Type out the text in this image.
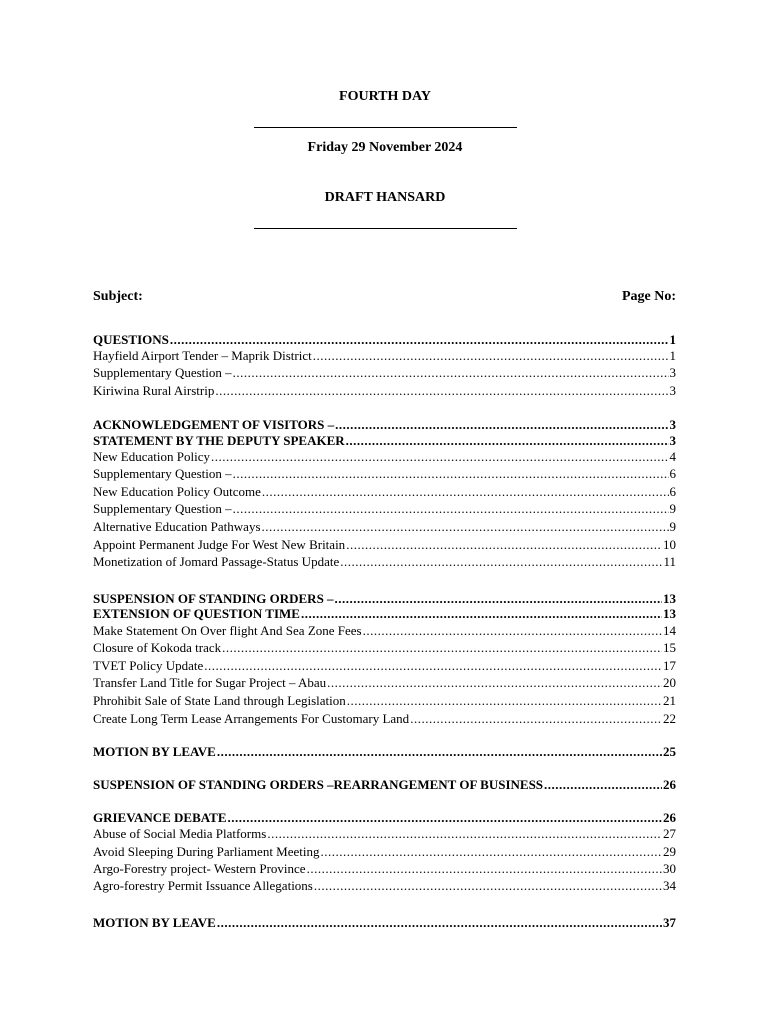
FOURTH DAY
Friday 29 November 2024
DRAFT HANSARD
Subject:	Page No:
QUESTIONS .....	1
Hayfield Airport Tender – Maprik District .....	1
Supplementary Question – .....	3
Kiriwina Rural Airstrip .....	3
ACKNOWLEDGEMENT OF VISITORS – .....	3
STATEMENT BY THE DEPUTY SPEAKER .....	3
New Education Policy .....	4
Supplementary Question – .....	6
New Education Policy Outcome .....	6
Supplementary Question – .....	9
Alternative Education Pathways .....	9
Appoint Permanent Judge For West New Britain .....	10
Monetization of Jomard Passage-Status Update .....	11
SUSPENSION OF STANDING ORDERS – .....	13
EXTENSION OF QUESTION TIME .....	13
Make Statement On Over flight And Sea Zone Fees .....	14
Closure of Kokoda track .....	15
TVET Policy Update .....	17
Transfer Land Title for Sugar Project – Abau .....	20
Phrohibit Sale of State Land through Legislation .....	21
Create Long Term Lease Arrangements For Customary Land .....	22
MOTION BY LEAVE .....	25
SUSPENSION OF STANDING ORDERS –REARRANGEMENT OF BUSINESS .....	26
GRIEVANCE DEBATE .....	26
Abuse of Social Media Platforms .....	27
Avoid Sleeping During Parliament Meeting .....	29
Argo-Forestry project- Western Province .....	30
Agro-forestry Permit Issuance Allegations .....	34
MOTION BY LEAVE .....	37
